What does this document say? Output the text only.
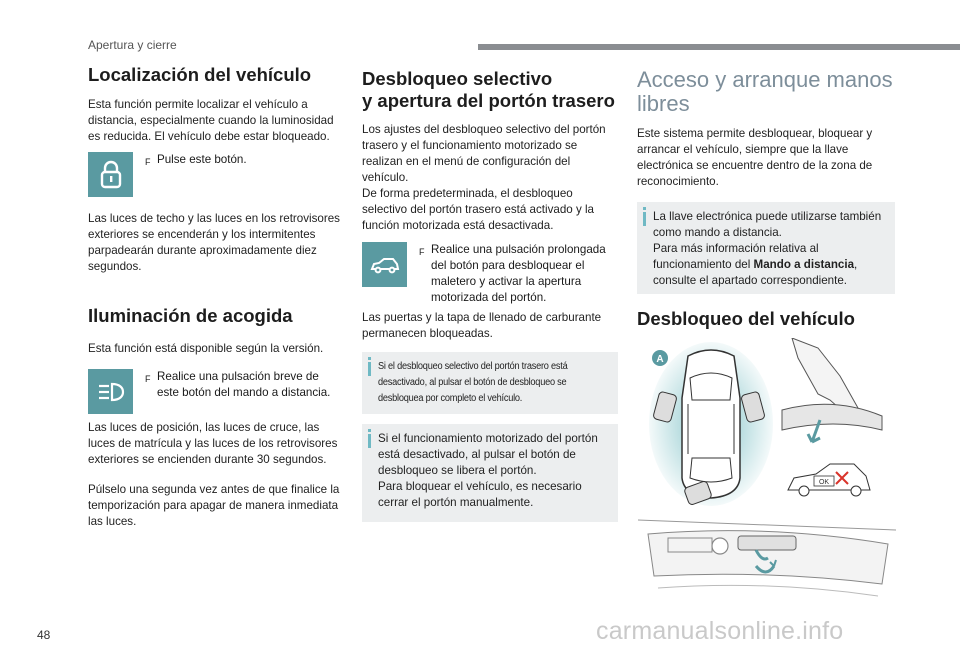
Apertura y cierre
Localización del vehículo

Esta función permite localizar el vehículo a distancia, especialmente cuando la luminosidad es reducida. El vehículo debe estar bloqueado.

F Pulse este botón.

Las luces de techo y las luces en los retrovisores exteriores se encenderán y los intermitentes parpadearán durante aproximadamente diez segundos.

Iluminación de acogida

Esta función está disponible según la versión.

F Realice una pulsación breve de este botón del mando a distancia.

Las luces de posición, las luces de cruce, las luces de matrícula y las luces de los retrovisores exteriores se encienden durante 30 segundos.

Púlselo una segunda vez antes de que finalice la temporización para apagar de manera inmediata las luces.

Desbloqueo selectivo
y apertura del portón trasero

Los ajustes del desbloqueo selectivo del portón trasero y el funcionamiento motorizado se realizan en el menú de configuración del vehículo.

De forma predeterminada, el desbloqueo selectivo del portón trasero está activado y la función motorizada está desactivada.

F Realice una pulsación prolongada del botón para desbloquear el maletero y activar la apertura motorizada del portón.

Las puertas y la tapa de llenado de carburante permanecen bloqueadas.

Si el desbloqueo selectivo del portón trasero está desactivado, al pulsar el botón de desbloqueo se desbloquea por completo el vehículo.

Si el funcionamiento motorizado del portón está desactivado, al pulsar el botón de desbloqueo se libera el portón.

Para bloquear el vehículo, es necesario cerrar el portón manualmente.

Acceso y arranque manos
libres

Este sistema permite desbloquear, bloquear y arrancar el vehículo, siempre que la llave electrónica se encuentre dentro de la zona de reconocimiento.

La llave electrónica puede utilizarse también como mando a distancia.

Para más información relativa al funcionamiento del Mando a distancia, consulte el apartado correspondiente.

Desbloqueo del vehículo
A
OK
48	carmanualsonline.info
